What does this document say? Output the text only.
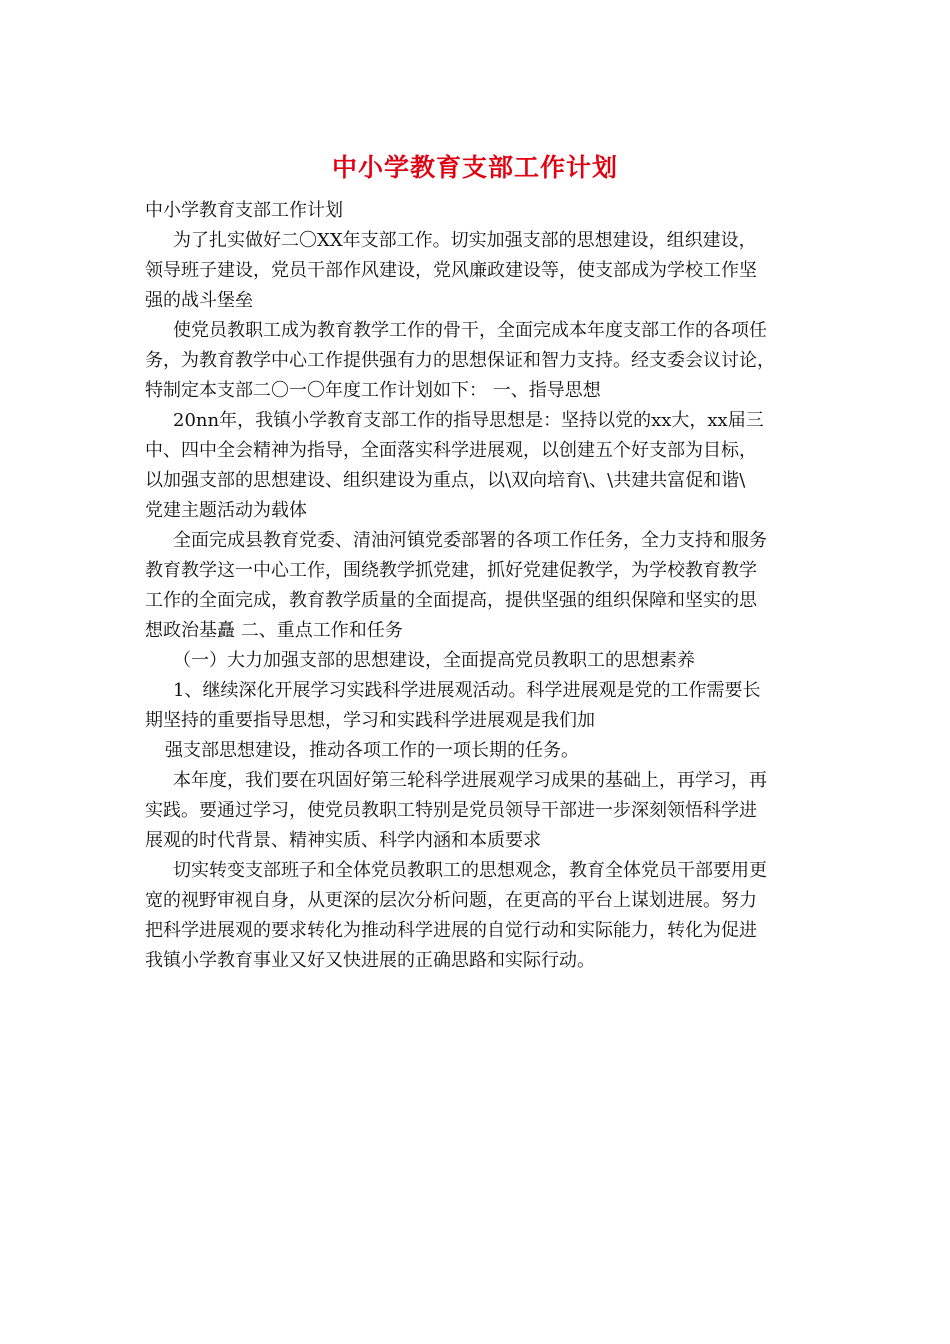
中小学教育支部工作计划
中小学教育支部工作计划
为了扎实做好二〇XX年支部工作。切实加强支部的思想建设，组织建设，
领导班子建设，党员干部作风建设，党风廉政建设等，使支部成为学校工作坚
强的战斗堡垒
使党员教职工成为教育教学工作的骨干，全面完成本年度支部工作的各项任
务，为教育教学中心工作提供强有力的思想保证和智力支持。经支委会议讨论，
特制定本支部二〇一〇年度工作计划如下： 一、指导思想
20nn年，我镇小学教育支部工作的指导思想是：坚持以党的xx大，xx届三
中、四中全会精神为指导，全面落实科学进展观，以创建五个好支部为目标，
以加强支部的思想建设、组织建设为重点，以\双向培育\、\共建共富促和谐\
党建主题活动为载体
全面完成县教育党委、清油河镇党委部署的各项工作任务，全力支持和服务
教育教学这一中心工作，围绕教学抓党建，抓好党建促教学，为学校教育教学
工作的全面完成，教育教学质量的全面提高，提供坚强的组织保障和坚实的思
想政治基矗 二、重点工作和任务
（一）大力加强支部的思想建设，全面提高党员教职工的思想素养
1、继续深化开展学习实践科学进展观活动。科学进展观是党的工作需要长
期坚持的重要指导思想，学习和实践科学进展观是我们加
强支部思想建设，推动各项工作的一项长期的任务。
本年度，我们要在巩固好第三轮科学进展观学习成果的基础上，再学习，再
实践。要通过学习，使党员教职工特别是党员领导干部进一步深刻领悟科学进
展观的时代背景、精神实质、科学内涵和本质要求
切实转变支部班子和全体党员教职工的思想观念，教育全体党员干部要用更
宽的视野审视自身，从更深的层次分析问题，在更高的平台上谋划进展。努力
把科学进展观的要求转化为推动科学进展的自觉行动和实际能力，转化为促进
我镇小学教育事业又好又快进展的正确思路和实际行动。
